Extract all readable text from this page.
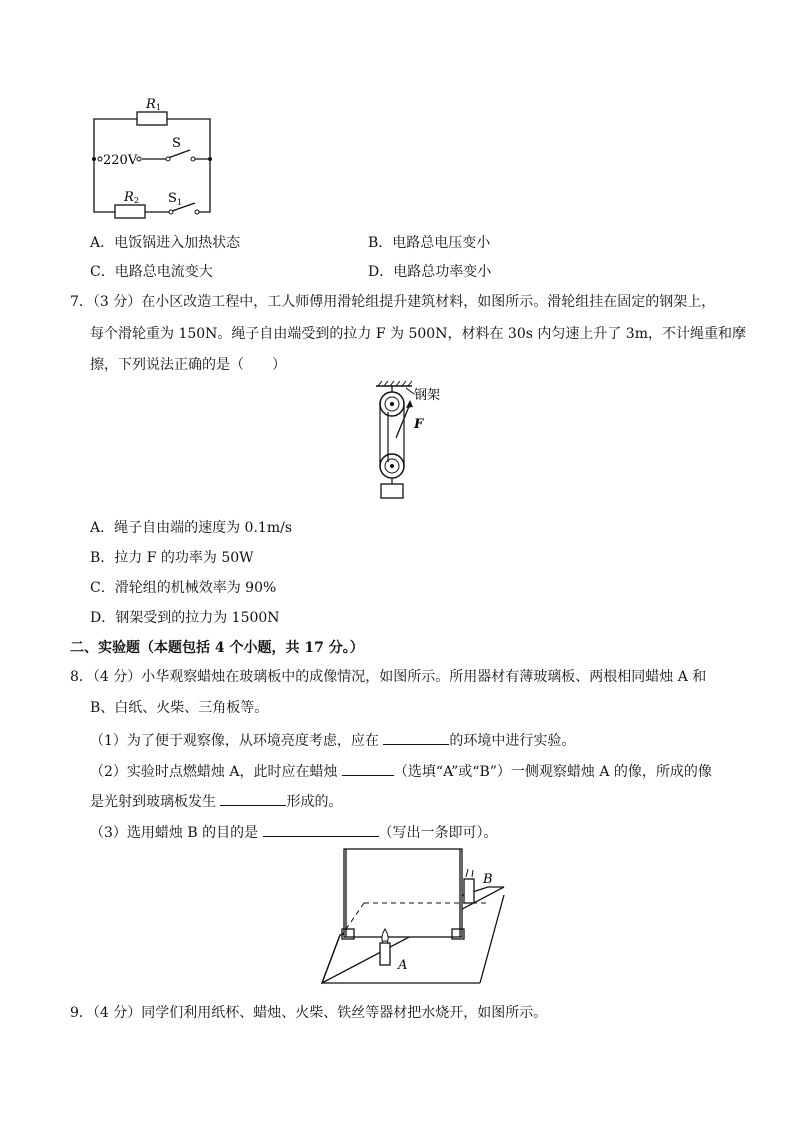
R 1
220V
S
R 2 S 1
A．电饭锅进入加热状态	B．电路总电压变小
C．电路总电流变大	D．电路总功率变小
7．（3 分）在小区改造工程中，工人师傅用滑轮组提升建筑材料，如图所示。滑轮组挂在固定的钢架上，
每个滑轮重为 150N。绳子自由端受到的拉力 F 为 500N，材料在 30s 内匀速上升了 3m，不计绳重和摩
擦，下列说法正确的是（　　）
钢架
F
A．绳子自由端的速度为 0.1m/s
B．拉力 F 的功率为 50W
C．滑轮组的机械效率为 90%
D．钢架受到的拉力为 1500N
二、实验题（本题包括 4 个小题，共 17 分。）
8．（4 分）小华观察蜡烛在玻璃板中的成像情况，如图所示。所用器材有薄玻璃板、两根相同蜡烛 A 和
B、白纸、火柴、三角板等。
（1）为了便于观察像，从环境亮度考虑，应在	的环境中进行实验。
（2）实验时点燃蜡烛 A，此时应在蜡烛	（选填“A”或“B”）一侧观察蜡烛 A 的像，所成的像
是光射到玻璃板发生	形成的。
（3）选用蜡烛 B 的目的是	（写出一条即可）。
A
B
9．（4 分）同学们利用纸杯、蜡烛、火柴、铁丝等器材把水烧开，如图所示。
